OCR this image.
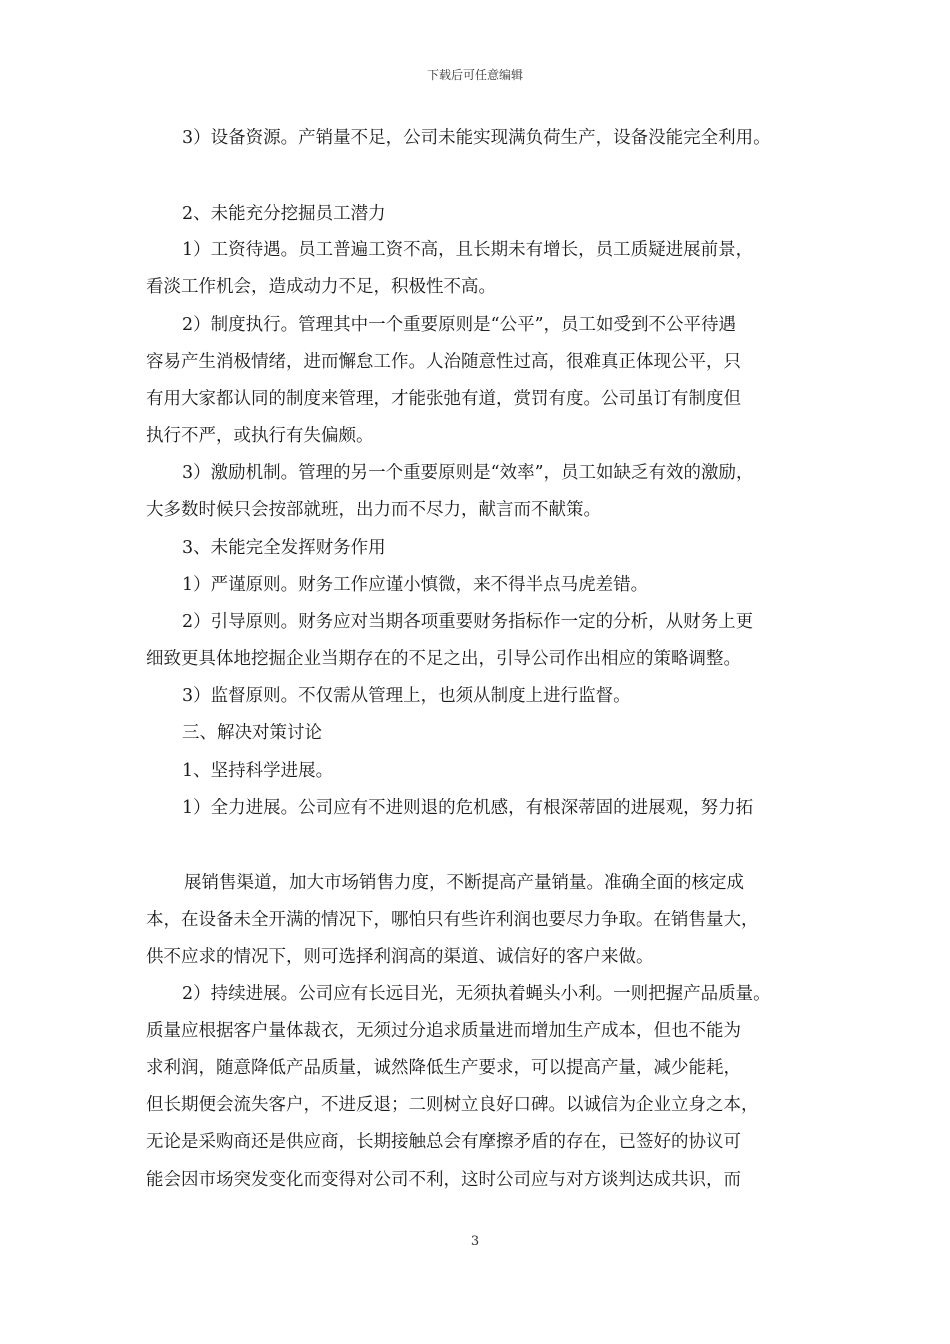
下载后可任意编辑
3）设备资源。产销量不足，公司未能实现满负荷生产，设备没能完全利用。
2、未能充分挖掘员工潜力
1）工资待遇。员工普遍工资不高，且长期未有增长，员工质疑进展前景，
看淡工作机会，造成动力不足，积极性不高。
2）制度执行。管理其中一个重要原则是“公平”，员工如受到不公平待遇
容易产生消极情绪，进而懈怠工作。人治随意性过高，很难真正体现公平，只
有用大家都认同的制度来管理，才能张弛有道，赏罚有度。公司虽订有制度但
执行不严，或执行有失偏颇。
3）激励机制。管理的另一个重要原则是“效率”，员工如缺乏有效的激励，
大多数时候只会按部就班，出力而不尽力，献言而不献策。
3、未能完全发挥财务作用
1）严谨原则。财务工作应谨小慎微，来不得半点马虎差错。
2）引导原则。财务应对当期各项重要财务指标作一定的分析，从财务上更
细致更具体地挖掘企业当期存在的不足之出，引导公司作出相应的策略调整。
3）监督原则。不仅需从管理上，也须从制度上进行监督。
三、解决对策讨论
1、坚持科学进展。
1）全力进展。公司应有不进则退的危机感，有根深蒂固的进展观，努力拓
展销售渠道，加大市场销售力度，不断提高产量销量。准确全面的核定成
本，在设备未全开满的情况下，哪怕只有些许利润也要尽力争取。在销售量大，
供不应求的情况下，则可选择利润高的渠道、诚信好的客户来做。
2）持续进展。公司应有长远目光，无须执着蝇头小利。一则把握产品质量。
质量应根据客户量体裁衣，无须过分追求质量进而增加生产成本，但也不能为
求利润，随意降低产品质量，诚然降低生产要求，可以提高产量，减少能耗，
但长期便会流失客户，不进反退；二则树立良好口碑。以诚信为企业立身之本，
无论是采购商还是供应商，长期接触总会有摩擦矛盾的存在，已签好的协议可
能会因市场突发变化而变得对公司不利，这时公司应与对方谈判达成共识，而
3
